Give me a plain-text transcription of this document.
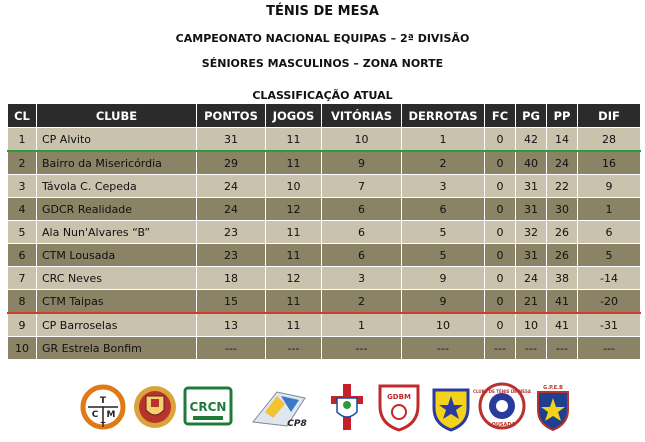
TÉNIS DE MESA
CAMPEONATO NACIONAL EQUIPAS – 2ª DIVISÃO
SÉNIORES MASCULINOS – ZONA NORTE
CLASSIFICAÇÃO ATUAL
CL	CLUBE	PONTOS	JOGOS	VITÓRIAS	DERROTAS	FC	PG	PP	DIF
1	CP Alvito	31	11	10	1	0	42	14	28
2	Bairro da Misericórdia	29	11	9	2	0	40	24	16
3	Távola C. Cepeda	24	10	7	3	0	31	22	9
4	GDCR Realidade	24	12	6	6	0	31	30	1
5	Ala Nun'Alvares “B”	23	11	6	5	0	32	26	6
6	CTM Lousada	23	11	6	5	0	31	26	5
7	CRC Neves	18	12	3	9	0	24	38	-14
8	CTM Taipas	15	11	2	9	0	21	41	-20
9	CP Barroselas	13	11	1	10	0	10	41	-31
10	GR Estrela Bonfim	---	---	---	---	---	---	---	---
T
C M
T
CRCN
CP8
GDBM
CLUBE DE TÉNIS DE MESA
LOUSADA
G.P.E.B
